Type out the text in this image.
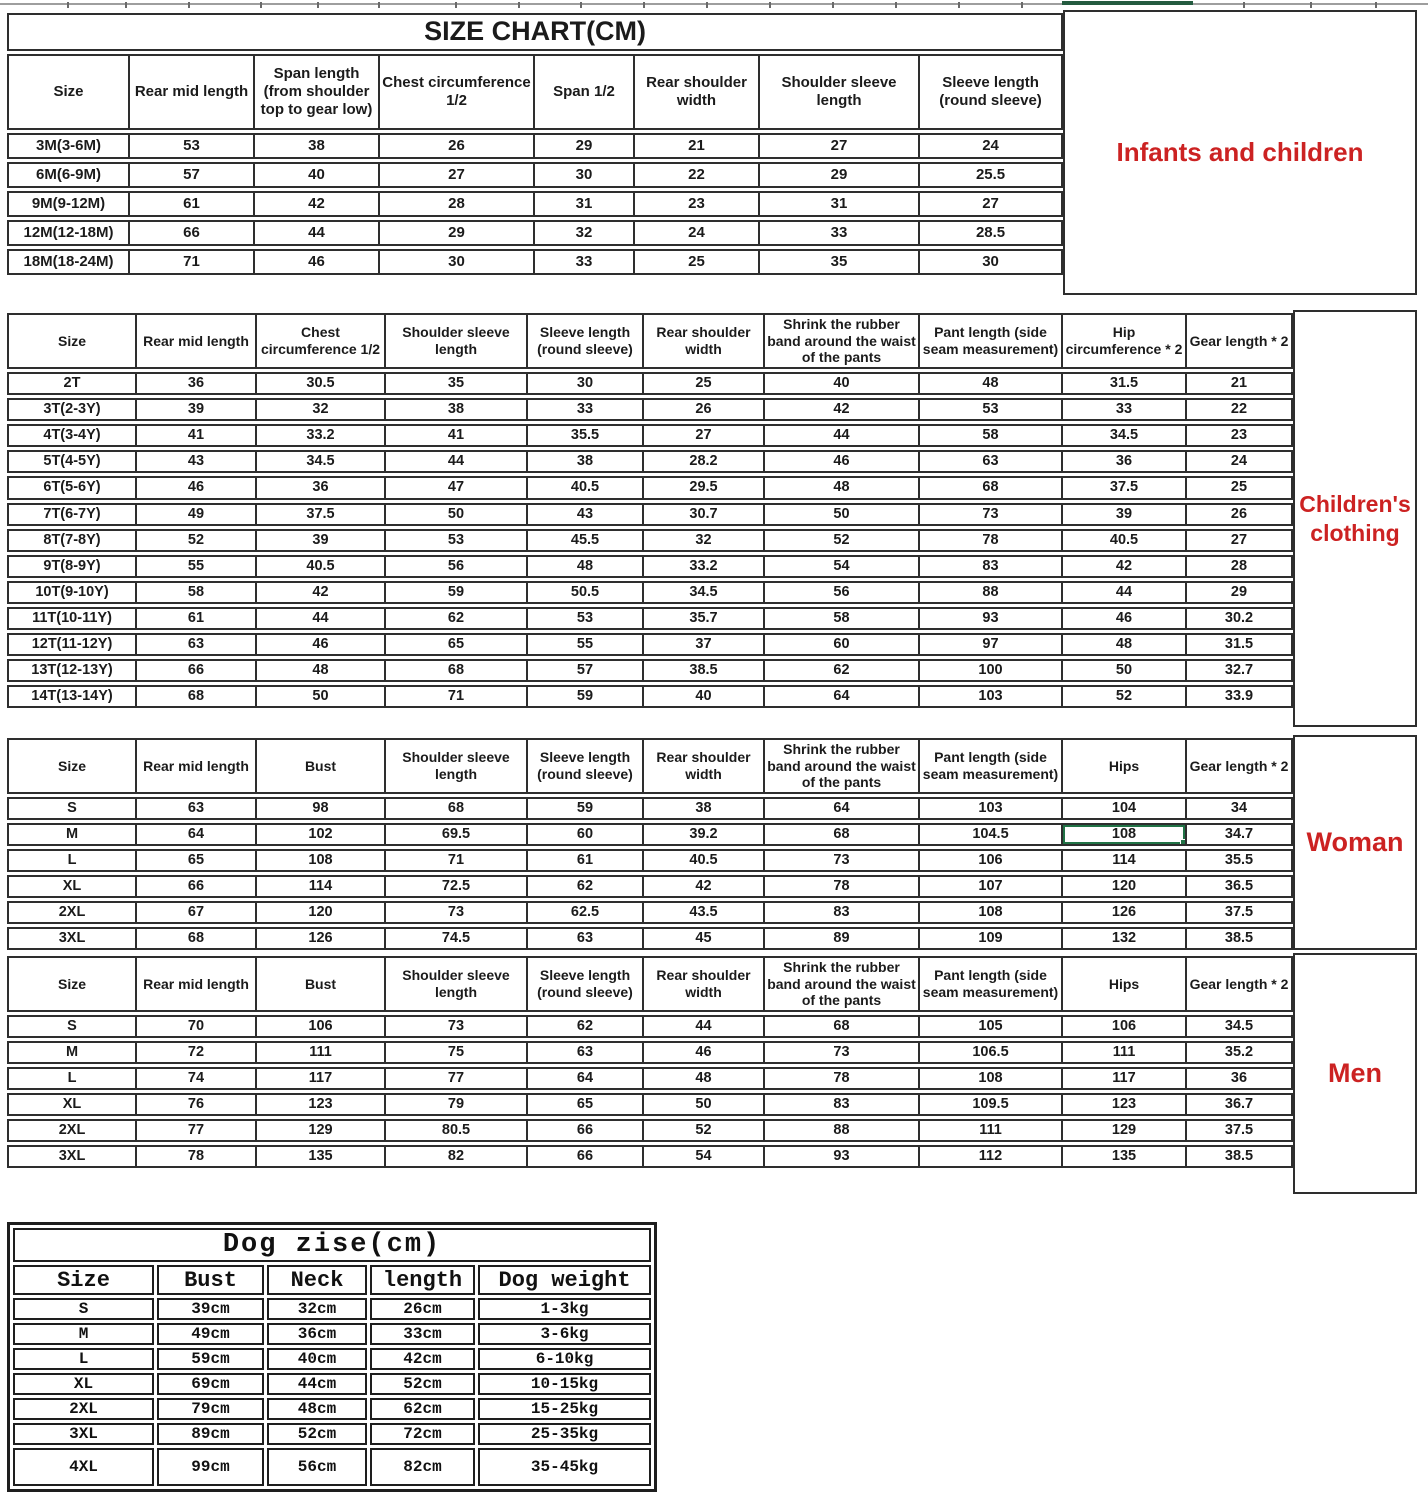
SIZE CHART(CM)							
Size	Rear mid length	Span length (from shoulder top to gear low)	Chest circumference 1/2	Span 1/2	Rear shoulder width	Shoulder sleeve length	Sleeve length (round sleeve)
3M(3-6M)	53	38	26	29	21	27	24
6M(6-9M)	57	40	27	30	22	29	25.5
9M(9-12M)	61	42	28	31	23	31	27
12M(12-18M)	66	44	29	32	24	33	28.5
18M(18-24M)	71	46	30	33	25	35	30
Infants and children
Size	Rear mid length	Chest circumference 1/2	Shoulder sleeve length	Sleeve length (round sleeve)	Rear shoulder width	Shrink the rubber band around the waist of the pants	Pant length (side seam measurement)	Hip circumference * 2	Gear length * 2
2T	36	30.5	35	30	25	40	48	31.5	21
3T(2-3Y)	39	32	38	33	26	42	53	33	22
4T(3-4Y)	41	33.2	41	35.5	27	44	58	34.5	23
5T(4-5Y)	43	34.5	44	38	28.2	46	63	36	24
6T(5-6Y)	46	36	47	40.5	29.5	48	68	37.5	25
7T(6-7Y)	49	37.5	50	43	30.7	50	73	39	26
8T(7-8Y)	52	39	53	45.5	32	52	78	40.5	27
9T(8-9Y)	55	40.5	56	48	33.2	54	83	42	28
10T(9-10Y)	58	42	59	50.5	34.5	56	88	44	29
11T(10-11Y)	61	44	62	53	35.7	58	93	46	30.2
12T(11-12Y)	63	46	65	55	37	60	97	48	31.5
13T(12-13Y)	66	48	68	57	38.5	62	100	50	32.7
14T(13-14Y)	68	50	71	59	40	64	103	52	33.9
Children's clothing
Size	Rear mid length	Bust	Shoulder sleeve length	Sleeve length (round sleeve)	Rear shoulder width	Shrink the rubber band around the waist of the pants	Pant length (side seam measurement)	Hips	Gear length * 2
S	63	98	68	59	38	64	103	104	34
M	64	102	69.5	60	39.2	68	104.5	108	34.7
L	65	108	71	61	40.5	73	106	114	35.5
XL	66	114	72.5	62	42	78	107	120	36.5
2XL	67	120	73	62.5	43.5	83	108	126	37.5
3XL	68	126	74.5	63	45	89	109	132	38.5
Woman
Size	Rear mid length	Bust	Shoulder sleeve length	Sleeve length (round sleeve)	Rear shoulder width	Shrink the rubber band around the waist of the pants	Pant length (side seam measurement)	Hips	Gear length * 2
S	70	106	73	62	44	68	105	106	34.5
M	72	111	75	63	46	73	106.5	111	35.2
L	74	117	77	64	48	78	108	117	36
XL	76	123	79	65	50	83	109.5	123	36.7
2XL	77	129	80.5	66	52	88	111	129	37.5
3XL	78	135	82	66	54	93	112	135	38.5
Men
Dog zise(cm)				
Size	Bust	Neck	length	Dog weight
S	39cm	32cm	26cm	1-3kg
M	49cm	36cm	33cm	3-6kg
L	59cm	40cm	42cm	6-10kg
XL	69cm	44cm	52cm	10-15kg
2XL	79cm	48cm	62cm	15-25kg
3XL	89cm	52cm	72cm	25-35kg
4XL	99cm	56cm	82cm	35-45kg
